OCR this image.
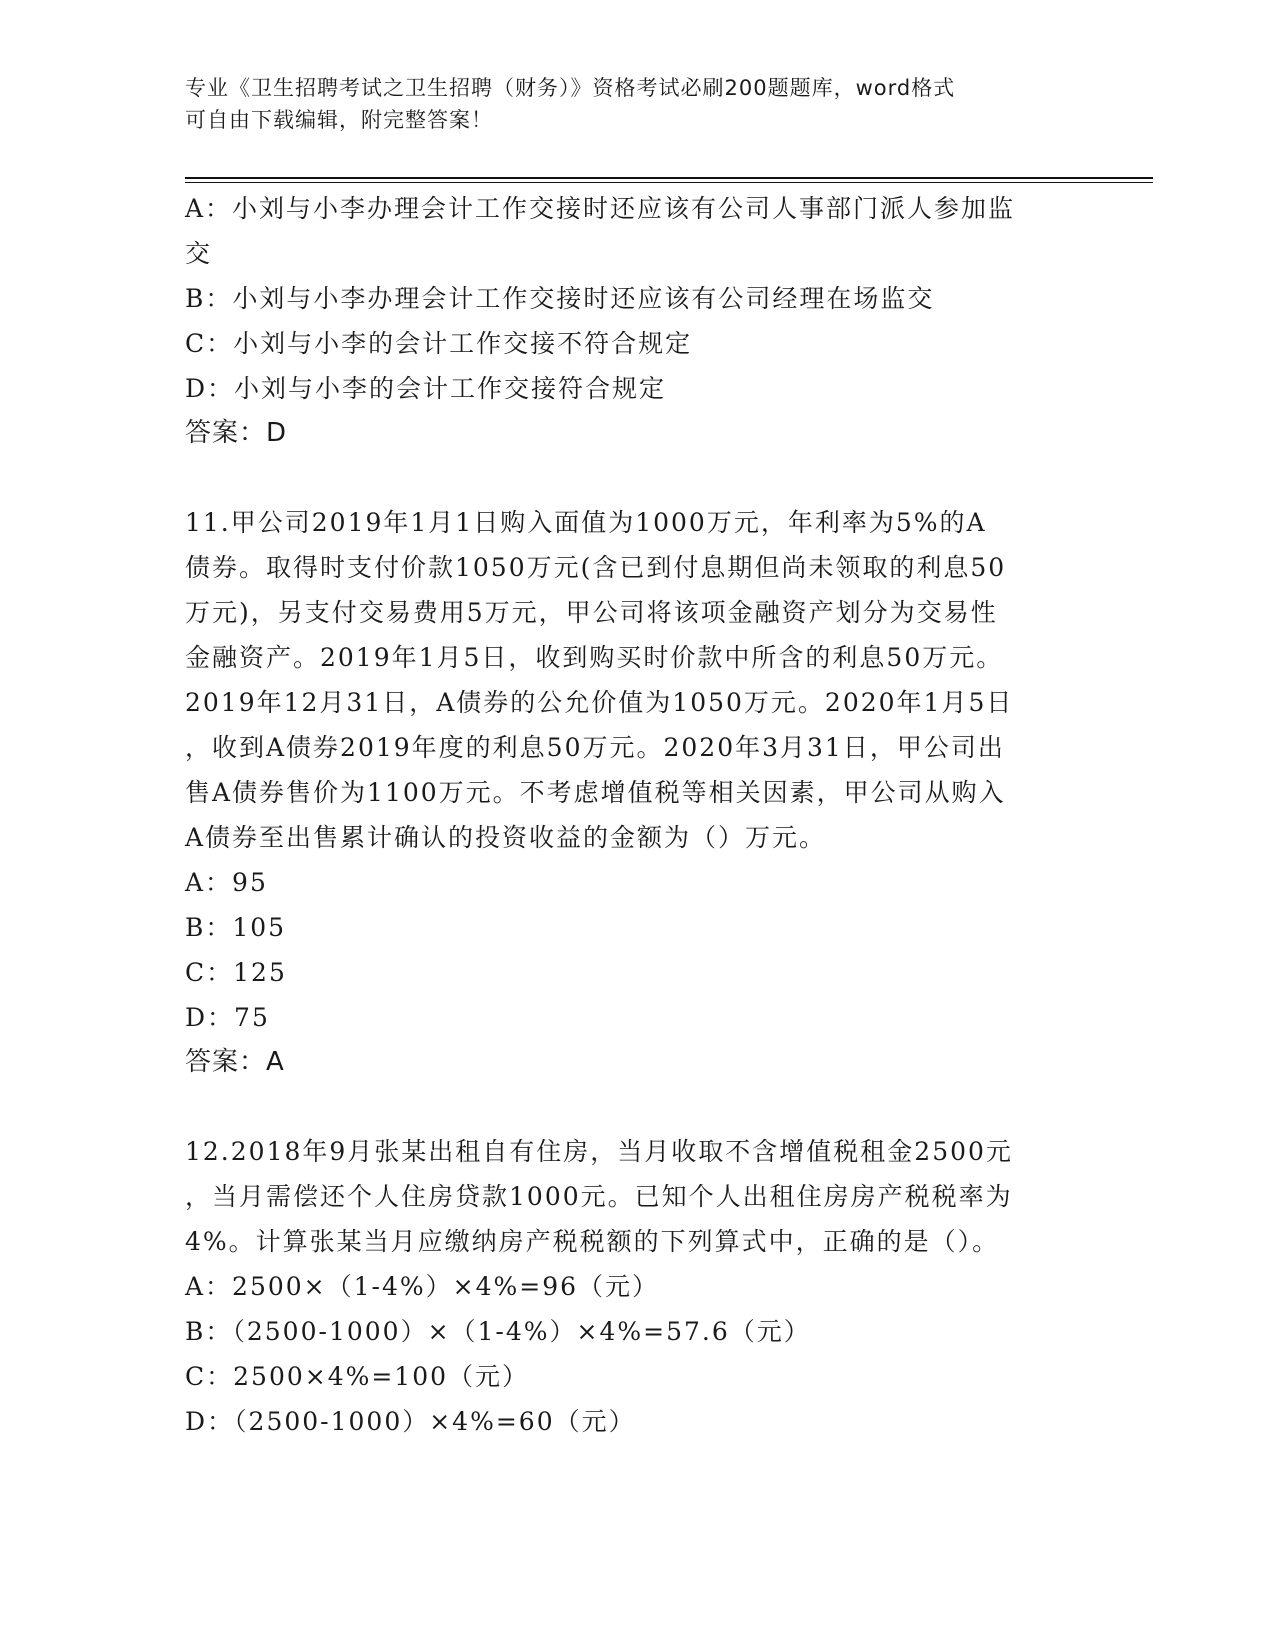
专业《卫生招聘考试之卫生招聘（财务）》资格考试必刷200题题库，word格式
可自由下载编辑，附完整答案！
A：小刘与小李办理会计工作交接时还应该有公司人事部门派人参加监
交
B：小刘与小李办理会计工作交接时还应该有公司经理在场监交
C：小刘与小李的会计工作交接不符合规定
D：小刘与小李的会计工作交接符合规定
答案：D
11.甲公司2019年1月1日购入面值为1000万元，年利率为5%的A
债券。取得时支付价款1050万元(含已到付息期但尚未领取的利息50
万元)，另支付交易费用5万元，甲公司将该项金融资产划分为交易性
金融资产。2019年1月5日，收到购买时价款中所含的利息50万元。
2019年12月31日，A债券的公允价值为1050万元。2020年1月5日
，收到A债券2019年度的利息50万元。2020年3月31日，甲公司出
售A债券售价为1100万元。不考虑增值税等相关因素，甲公司从购入
A债券至出售累计确认的投资收益的金额为（）万元。
A：95
B：105
C：125
D：75
答案：A
12.2018年9月张某出租自有住房，当月收取不含增值税租金2500元
，当月需偿还个人住房贷款1000元。已知个人出租住房房产税税率为
4%。计算张某当月应缴纳房产税税额的下列算式中，正确的是（）。
A：2500×（1-4%）×4%=96（元）
B：（2500-1000）×（1-4%）×4%=57.6（元）
C：2500×4%=100（元）
D：（2500-1000）×4%=60（元）
